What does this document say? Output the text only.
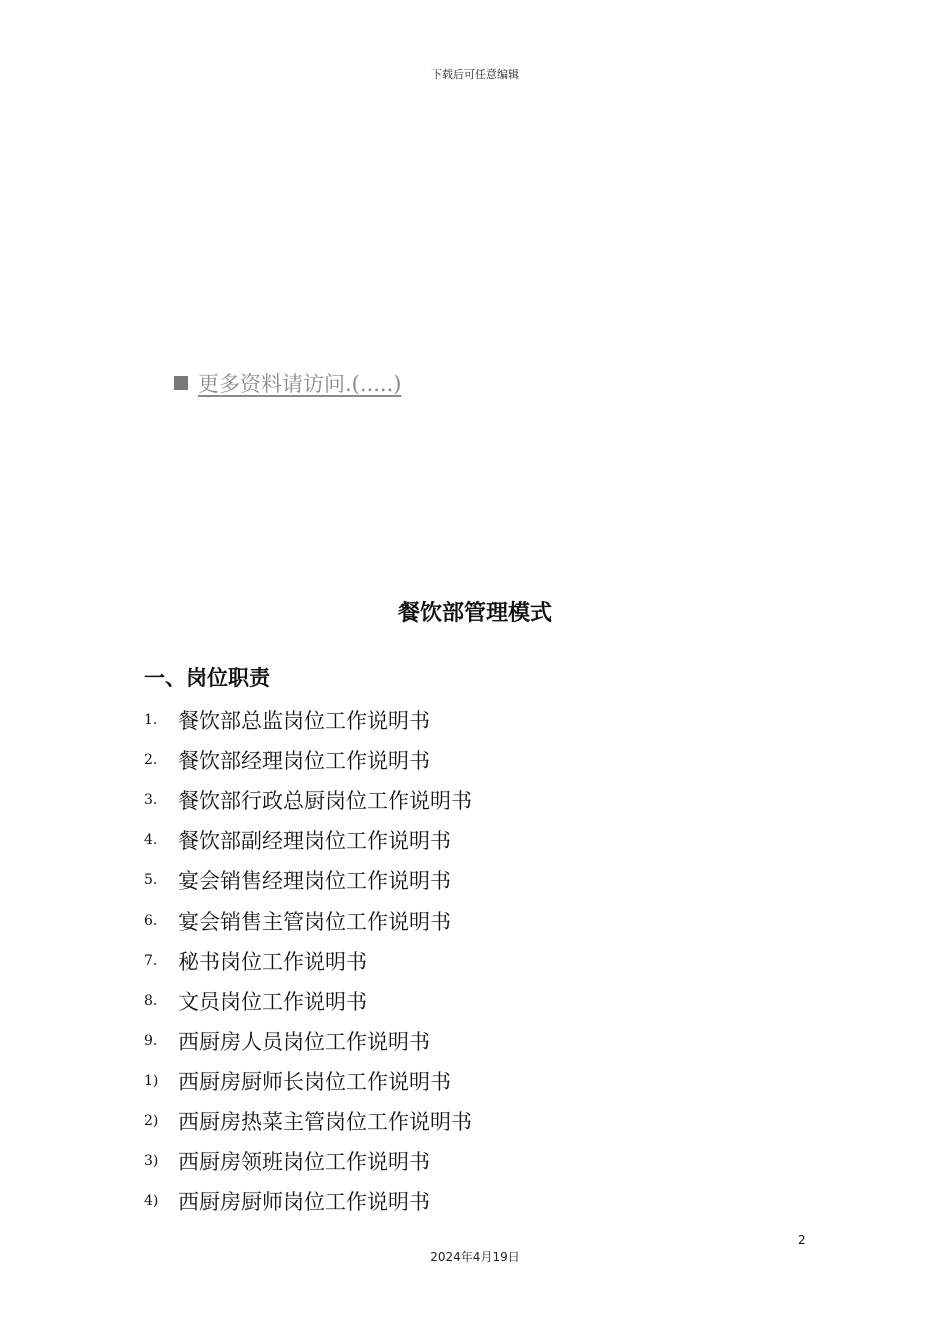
下载后可任意编辑
更多资料请访问.(.....)
餐饮部管理模式
一、岗位职责
1. 餐饮部总监岗位工作说明书
2. 餐饮部经理岗位工作说明书
3. 餐饮部行政总厨岗位工作说明书
4. 餐饮部副经理岗位工作说明书
5. 宴会销售经理岗位工作说明书
6. 宴会销售主管岗位工作说明书
7. 秘书岗位工作说明书
8. 文员岗位工作说明书
9. 西厨房人员岗位工作说明书
1) 西厨房厨师长岗位工作说明书
2) 西厨房热菜主管岗位工作说明书
3) 西厨房领班岗位工作说明书
4) 西厨房厨师岗位工作说明书
2
2024年4月19日
